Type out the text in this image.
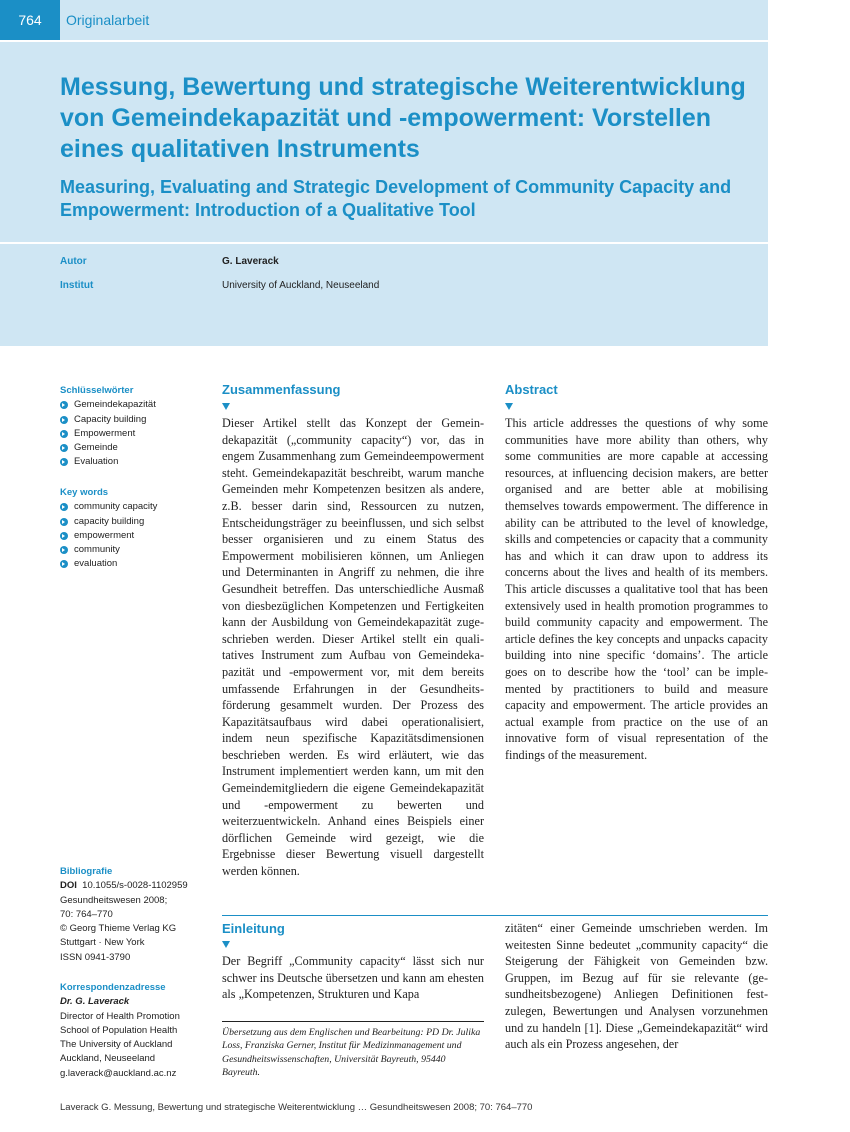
764	Originalarbeit
Messung, Bewertung und strategische Weiterentwicklung von Gemeindekapazität und -empowerment: Vorstellen eines qualitativen Instruments
Measuring, Evaluating and Strategic Development of Community Capacity and Empowerment: Introduction of a Qualitative Tool
Autor	G. Laverack
Institut	University of Auckland, Neuseeland
Schlüsselwörter
Gemeindekapazität
Capacity building
Empowerment
Gemeinde
Evaluation
Key words
community capacity
capacity building
empowerment
community
evaluation
Bibliografie
DOI 10.1055/s-0028-1102959
Gesundheitswesen 2008;
70: 764–770
© Georg Thieme Verlag KG
Stuttgart · New York
ISSN 0941-3790
Korrespondenzadresse
Dr. G. Laverack
Director of Health Promotion
School of Population Health
The University of Auckland
Auckland, Neuseeland
g.laverack@auckland.ac.nz
Zusammenfassung

Dieser Artikel stellt das Konzept der Gemeindekapazität („community capacity“) vor, das in engem Zusammenhang zum Gemeindeempowerment steht. Gemeindekapazität beschreibt, warum manche Gemeinden mehr Kompetenzen besitzen als andere, z.B. besser darin sind, Ressourcen zu nutzen, Entscheidungsträger zu beeinflussen, und sich selbst besser organisieren und zu einem Status des Empowerment mobilisieren können, um Anliegen und Determinanten in Angriff zu nehmen, die ihre Gesundheit betreffen. Das unterschiedliche Ausmaß von diesbezüglichen Kompetenzen und Fertigkeiten kann der Ausbildung von Gemeindekapazität zugeschrieben werden. Dieser Artikel stellt ein qualitatives Instrument zum Aufbau von Gemeindekapazität und -empowerment vor, mit dem bereits umfassende Erfahrungen in der Gesundheitsförderung gesammelt wurden. Der Prozess des Kapazitätsaufbaus wird dabei operationalisiert, indem neun spezifische Kapazitätsdimensionen beschrieben werden. Es wird erläutert, wie das Instrument implementiert werden kann, um mit den Gemeindemitgliedern die eigene Gemeindekapazität und -empowerment zu bewerten und weiterzuentwickeln. Anhand eines Beispiels einer dörflichen Gemeinde wird gezeigt, wie die Ergebnisse dieser Bewertung visuell dargestellt werden können.

Abstract

This article addresses the questions of why some communities have more ability than others, why some communities are more capable at accessing resources, at influencing decision makers, are better organised and are better able at mobilising themselves towards empowerment. The difference in ability can be attributed to the level of knowledge, skills and competencies or capacity that a community has and which it can draw upon to address its concerns about the lives and health of its members. This article discusses a qualitative tool that has been extensively used in health promotion programmes to build community capacity and empowerment. The article defines the key concepts and unpacks capacity building into nine specific ‘domains’. The article goes on to describe how the ‘tool’ can be implemented by practitioners to build and measure capacity and empowerment. The article provides an actual example from practice on the use of an innovative form of visual representation of the findings of the measurement.

Einleitung

Der Begriff „Community capacity“ lässt sich nur schwer ins Deutsche übersetzen und kann am ehesten als „Kompetenzen, Strukturen und Kapa

zitäten“ einer Gemeinde umschrieben werden. Im weitesten Sinne bedeutet „community capacity“ die Steigerung der Fähigkeit von Gemeinden bzw. Gruppen, im Bezug auf für sie relevante (gesundheitsbezogene) Anliegen Definitionen festzulegen, Bewertungen und Analysen vorzunehmen und zu handeln [1]. Diese „Gemeindekapazität“ wird auch als ein Prozess angesehen, der

Übersetzung aus dem Englischen und Bearbeitung: PD Dr. Julika Loss, Franziska Gerner, Institut für Medizinmanagement und Gesundheitswissenschaften, Universität Bayreuth, 95440 Bayreuth.

Laverack G. Messung, Bewertung und strategische Weiterentwicklung … Gesundheitswesen 2008; 70: 764–770
